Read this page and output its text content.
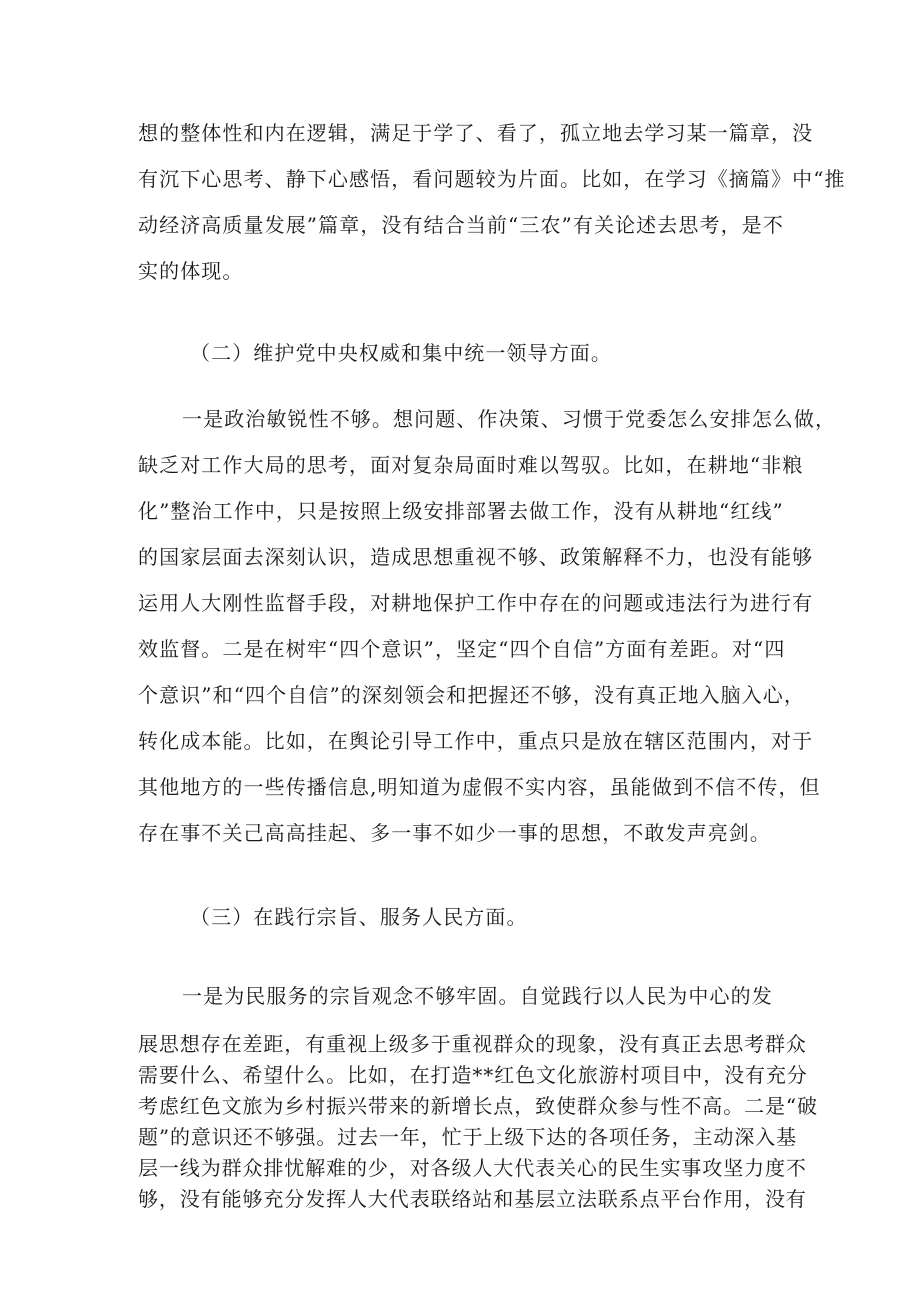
想的整体性和内在逻辑，满足于学了、看了，孤立地去学习某一篇章，没
有沉下心思考、静下心感悟，看问题较为片面。比如，在学习《摘篇》中“推
动经济高质量发展”篇章，没有结合当前“三农”有关论述去思考，是不
实的体现。
（二）维护党中央权威和集中统一领导方面。
一是政治敏锐性不够。想问题、作决策、习惯于党委怎么安排怎么做，
缺乏对工作大局的思考，面对复杂局面时难以驾驭。比如，在耕地“非粮
化”整治工作中，只是按照上级安排部署去做工作，没有从耕地“红线”
的国家层面去深刻认识，造成思想重视不够、政策解释不力，也没有能够
运用人大刚性监督手段，对耕地保护工作中存在的问题或违法行为进行有
效监督。二是在树牢“四个意识”，坚定“四个自信”方面有差距。对“四
个意识”和“四个自信”的深刻领会和把握还不够，没有真正地入脑入心，
转化成本能。比如，在舆论引导工作中，重点只是放在辖区范围内，对于
其他地方的一些传播信息,明知道为虚假不实内容，虽能做到不信不传，但
存在事不关己高高挂起、多一事不如少一事的思想，不敢发声亮剑。
（三）在践行宗旨、服务人民方面。
一是为民服务的宗旨观念不够牢固。自觉践行以人民为中心的发
展思想存在差距，有重视上级多于重视群众的现象，没有真正去思考群众
需要什么、希望什么。比如，在打造**红色文化旅游村项目中，没有充分
考虑红色文旅为乡村振兴带来的新增长点，致使群众参与性不高。二是“破
题”的意识还不够强。过去一年，忙于上级下达的各项任务，主动深入基
层一线为群众排忧解难的少，对各级人大代表关心的民生实事攻坚力度不
够，没有能够充分发挥人大代表联络站和基层立法联系点平台作用，没有
